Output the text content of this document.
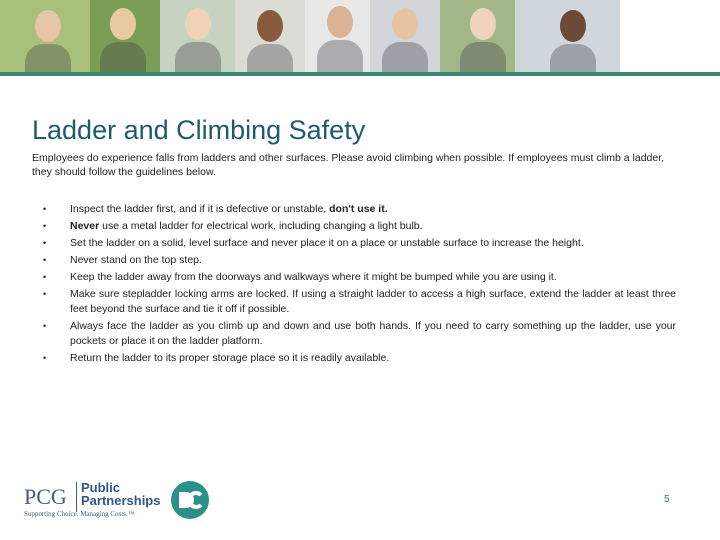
Ladder and Climbing Safety
Employees do experience falls from ladders and other surfaces. Please avoid climbing when possible. If employees must climb a ladder, they should follow the guidelines below.
• Inspect the ladder first, and if it is defective or unstable, don't use it.
• Never use a metal ladder for electrical work, including changing a light bulb.
• Set the ladder on a solid, level surface and never place it on a place or unstable surface to increase the height.
• Never stand on the top step.
• Keep the ladder away from the doorways and walkways where it might be bumped while you are using it.
• Make sure stepladder locking arms are locked. If using a straight ladder to access a high surface, extend the ladder at least three feet beyond the surface and tie it off if possible.
• Always face the ladder as you climb up and down and use both hands. If you need to carry something up the ladder, use your pockets or place it on the ladder platform.
• Return the ladder to its proper storage place so it is readily available.
PCG Public
Partnerships
Supporting Choice. Managing Costs.™
5
